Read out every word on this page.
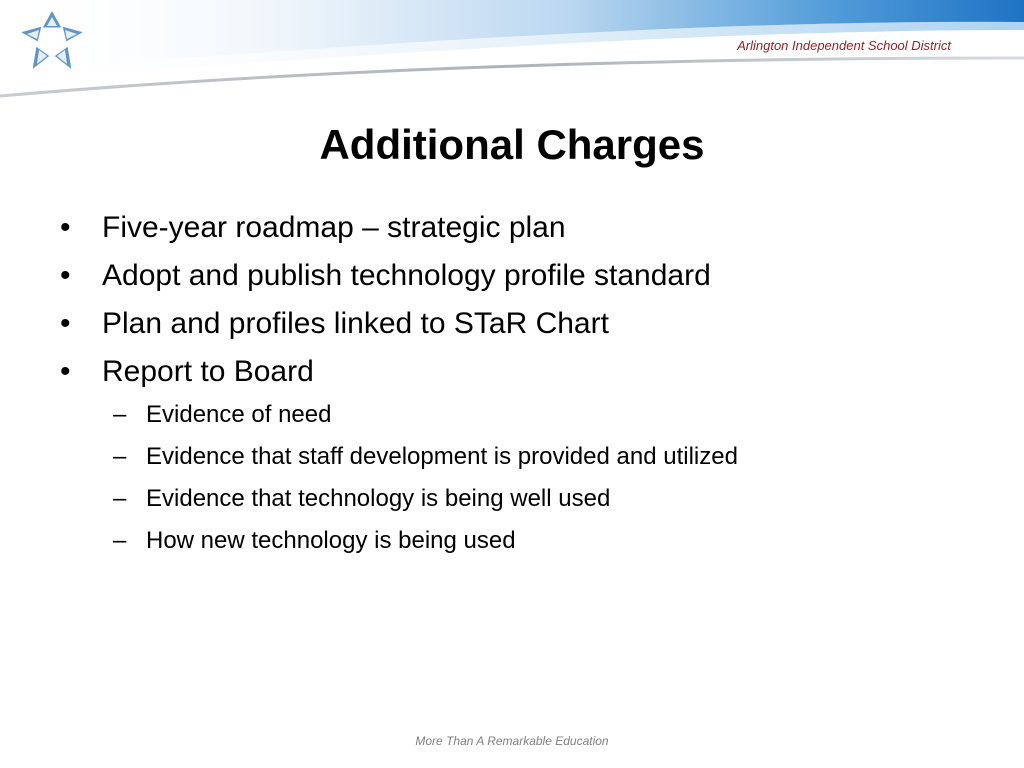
Arlington Independent School District
Additional Charges
•	Five-year roadmap – strategic plan
•	Adopt and publish technology profile standard
•	Plan and profiles linked to STaR Chart
•	Report to Board
– Evidence of need
– Evidence that staff development is provided and utilized
– Evidence that technology is being well used
– How new technology is being used
More Than A Remarkable Education
